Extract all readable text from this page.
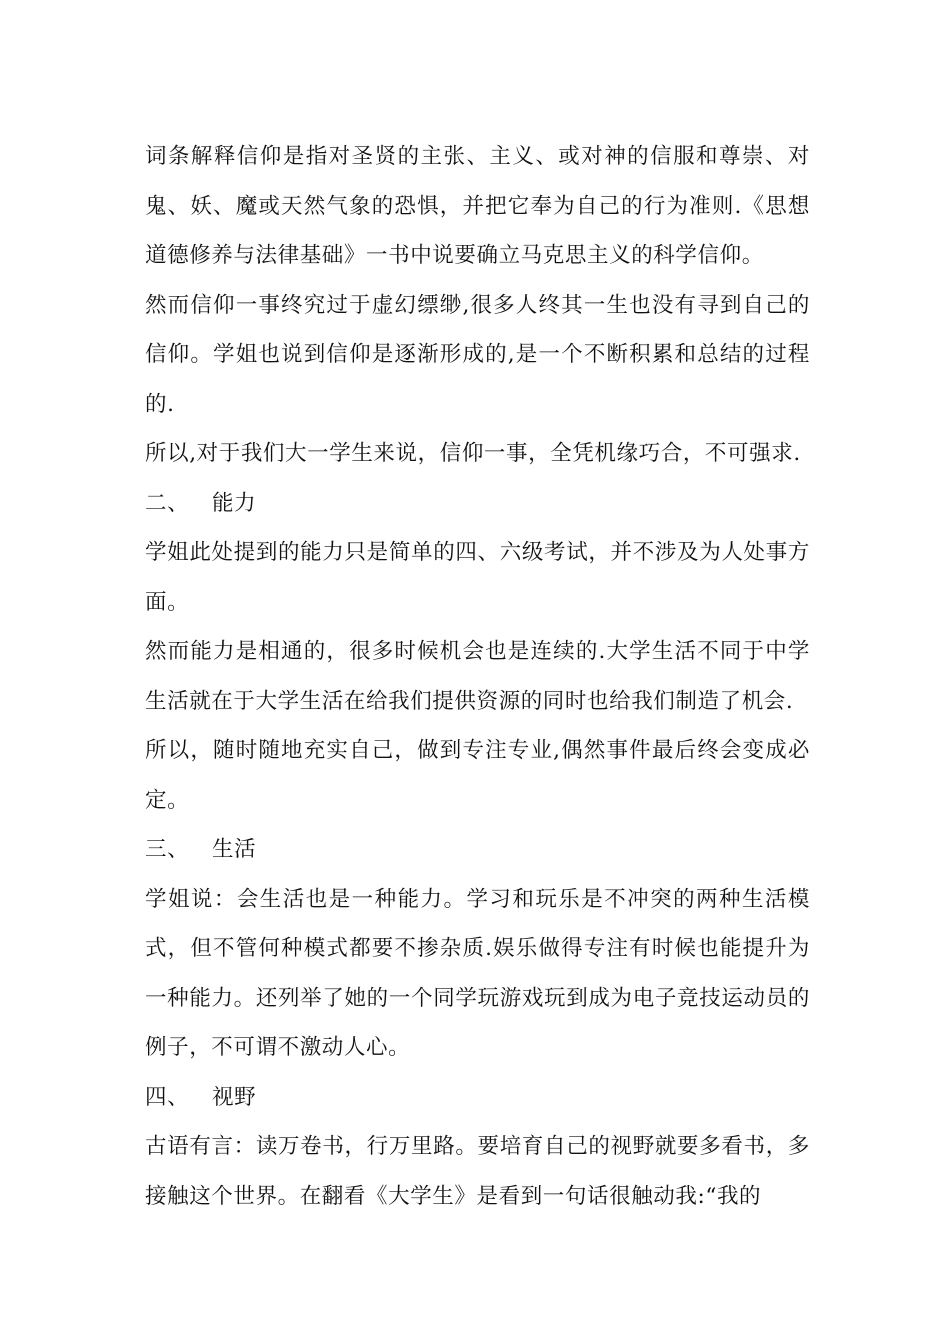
词条解释信仰是指对圣贤的主张、主义、或对神的信服和尊崇、对鬼、妖、魔或天然气象的恐惧，并把它奉为自己的行为准则.《思想道德修养与法律基础》一书中说要确立马克思主义的科学信仰。

然而信仰一事终究过于虚幻缥缈,很多人终其一生也没有寻到自己的信仰。学姐也说到信仰是逐渐形成的,是一个不断积累和总结的过程的.

所以,对于我们大一学生来说，信仰一事，全凭机缘巧合，不可强求.

二、	能力

学姐此处提到的能力只是简单的四、六级考试，并不涉及为人处事方面。

然而能力是相通的，很多时候机会也是连续的.大学生活不同于中学生活就在于大学生活在给我们提供资源的同时也给我们制造了机会.

所以，随时随地充实自己，做到专注专业,偶然事件最后终会变成必定。

三、	生活

学姐说：会生活也是一种能力。学习和玩乐是不冲突的两种生活模式，但不管何种模式都要不掺杂质.娱乐做得专注有时候也能提升为一种能力。还列举了她的一个同学玩游戏玩到成为电子竞技运动员的例子，不可谓不激动人心。

四、	视野

古语有言：读万卷书，行万里路。要培育自己的视野就要多看书，多接触这个世界。在翻看《大学生》是看到一句话很触动我:“我的
